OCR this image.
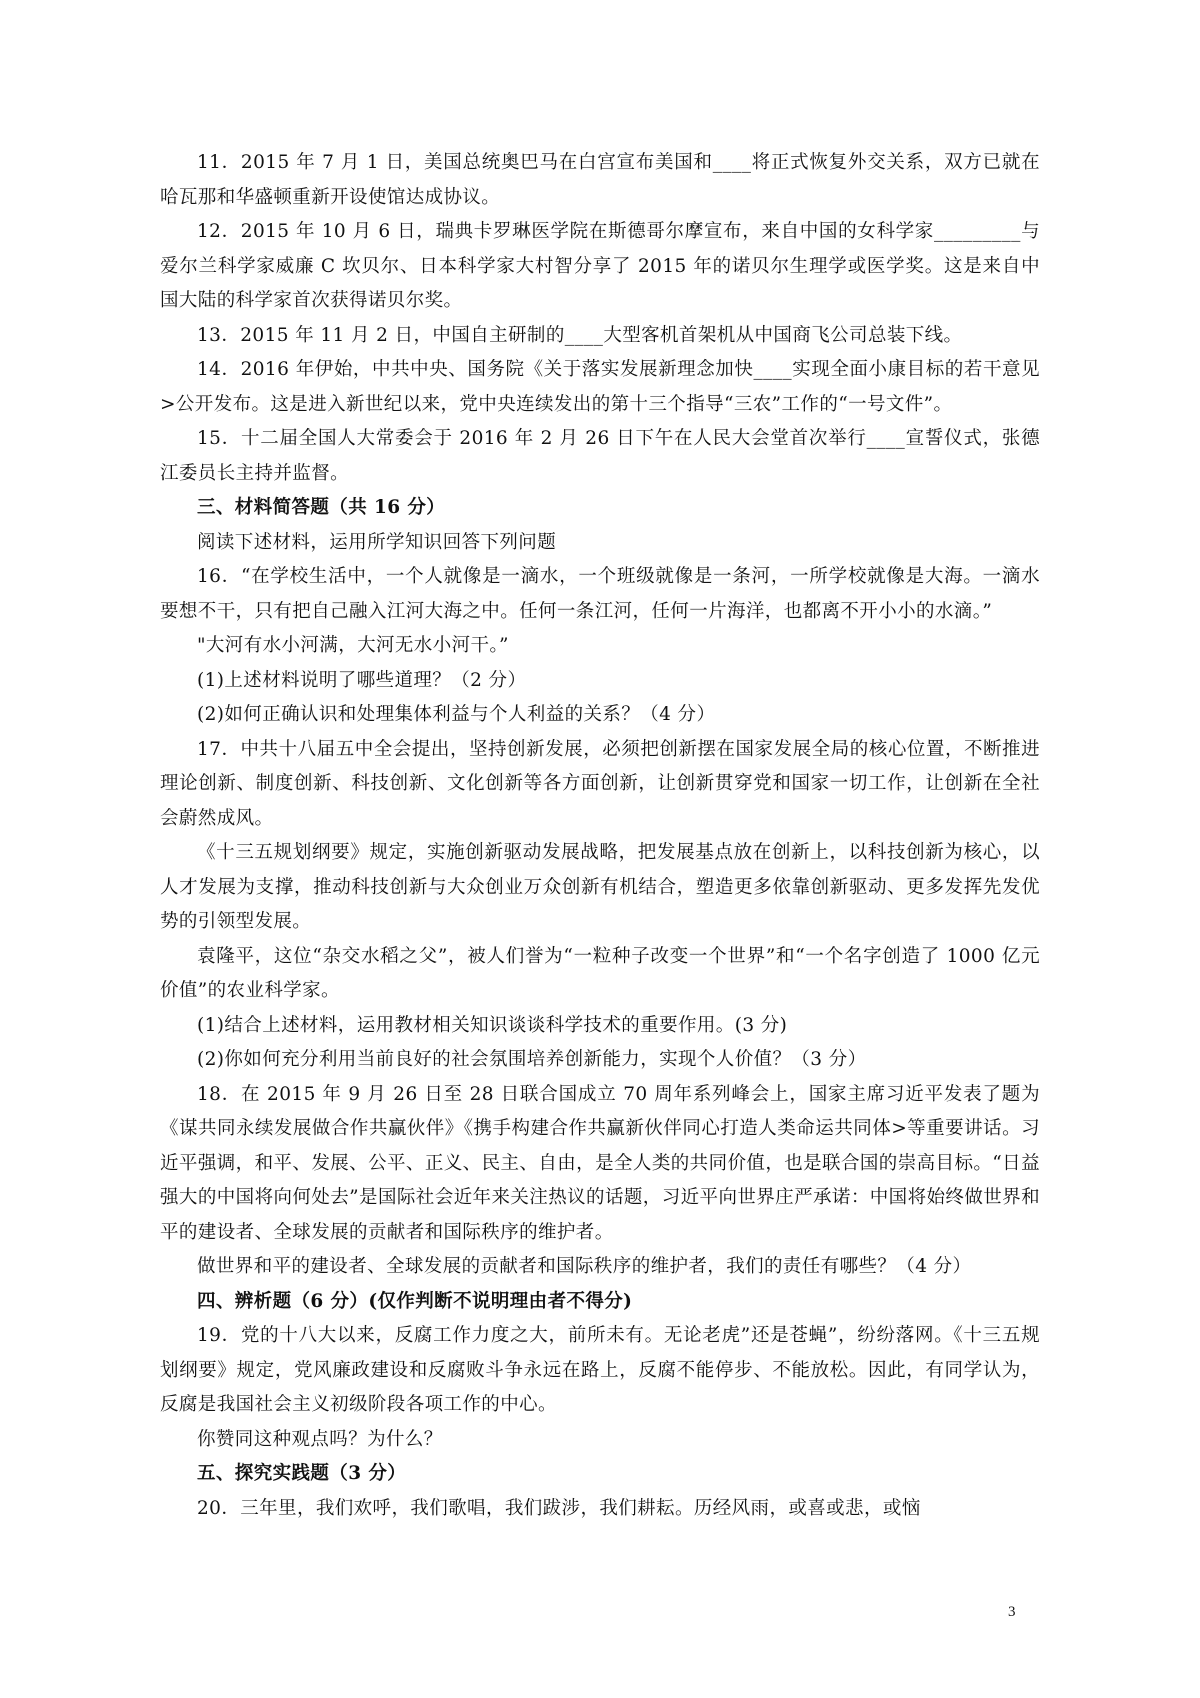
11．2015 年 7 月 1 日，美国总统奥巴马在白宫宣布美国和____将正式恢复外交关系，双方已就在哈瓦那和华盛顿重新开设使馆达成协议。

12．2015 年 10 月 6 日，瑞典卡罗琳医学院在斯德哥尔摩宣布，来自中国的女科学家_________与爱尔兰科学家威廉 C 坎贝尔、日本科学家大村智分享了 2015 年的诺贝尔生理学或医学奖。这是来自中国大陆的科学家首次获得诺贝尔奖。

13．2015 年 11 月 2 日，中国自主研制的____大型客机首架机从中国商飞公司总装下线。

14．2016 年伊始，中共中央、国务院《关于落实发展新理念加快____实现全面小康目标的若干意见>公开发布。这是进入新世纪以来，党中央连续发出的第十三个指导“三农”工作的“一号文件”。

15．十二届全国人大常委会于 2016 年 2 月 26 日下午在人民大会堂首次举行____宣誓仪式，张德江委员长主持并监督。

三、材料简答题（共 16 分）

阅读下述材料，运用所学知识回答下列问题

16．“在学校生活中，一个人就像是一滴水，一个班级就像是一条河，一所学校就像是大海。一滴水要想不干，只有把自己融入江河大海之中。任何一条江河，任何一片海洋，也都离不开小小的水滴。”

"大河有水小河满，大河无水小河干。”

(1)上述材料说明了哪些道理？（2 分）

(2)如何正确认识和处理集体利益与个人利益的关系？（4 分）

17．中共十八届五中全会提出，坚持创新发展，必须把创新摆在国家发展全局的核心位置，不断推进理论创新、制度创新、科技创新、文化创新等各方面创新，让创新贯穿党和国家一切工作，让创新在全社会蔚然成风。

《十三五规划纲要》规定，实施创新驱动发展战略，把发展基点放在创新上，以科技创新为核心，以人才发展为支撑，推动科技创新与大众创业万众创新有机结合，塑造更多依靠创新驱动、更多发挥先发优势的引领型发展。

袁隆平，这位“杂交水稻之父”，被人们誉为“一粒种子改变一个世界”和“一个名字创造了 1000 亿元价值”的农业科学家。

(1)结合上述材料，运用教材相关知识谈谈科学技术的重要作用。(3 分)

(2)你如何充分利用当前良好的社会氛围培养创新能力，实现个人价值？（3 分）

18．在 2015 年 9 月 26 日至 28 日联合国成立 70 周年系列峰会上，国家主席习近平发表了题为《谋共同永续发展做合作共赢伙伴》《携手构建合作共赢新伙伴同心打造人类命运共同体>等重要讲话。习近平强调，和平、发展、公平、正义、民主、自由，是全人类的共同价值，也是联合国的崇高目标。“日益强大的中国将向何处去”是国际社会近年来关注热议的话题，习近平向世界庄严承诺：中国将始终做世界和平的建设者、全球发展的贡献者和国际秩序的维护者。

做世界和平的建设者、全球发展的贡献者和国际秩序的维护者，我们的责任有哪些？（4 分）

四、辨析题（6 分）(仅作判断不说明理由者不得分)

19．党的十八大以来，反腐工作力度之大，前所未有。无论老虎”还是苍蝇”，纷纷落网。《十三五规划纲要》规定，党风廉政建设和反腐败斗争永远在路上，反腐不能停步、不能放松。因此，有同学认为，反腐是我国社会主义初级阶段各项工作的中心。

你赞同这种观点吗？为什么？

五、探究实践题（3 分）

20．三年里，我们欢呼，我们歌唱，我们跋涉，我们耕耘。历经风雨，或喜或悲，或恼

3
